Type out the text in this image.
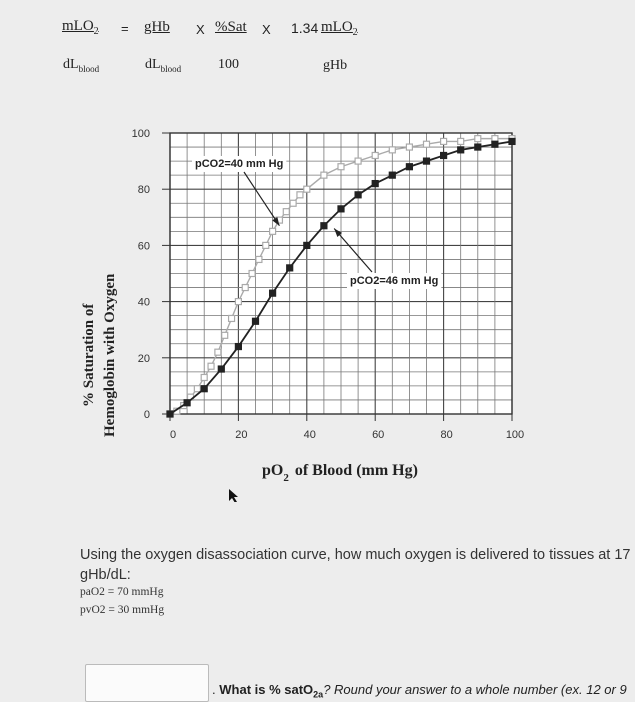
mLO$_2$ = gHb X %Sat X 1.34 mLO$_2$
$dL_{blood}$	$dL_{blood}$	100	gHb
0
20
40
60
80
100
0	20	40	60	80	100
pCO2=40 mm Hg
pCO2=46 mm Hg
% Saturation of Hemoglobin with Oxygen
$pO_2$ of Blood (mm Hg)
Using the oxygen disassociation curve, how much oxygen is delivered to tissues at 17
gHb/dL:
paO2 = 70 mmHg
pvO2 = 30 mmHg
. What is % satO$_{2a}$? Round your answer to a whole number (ex. 12 or 9
